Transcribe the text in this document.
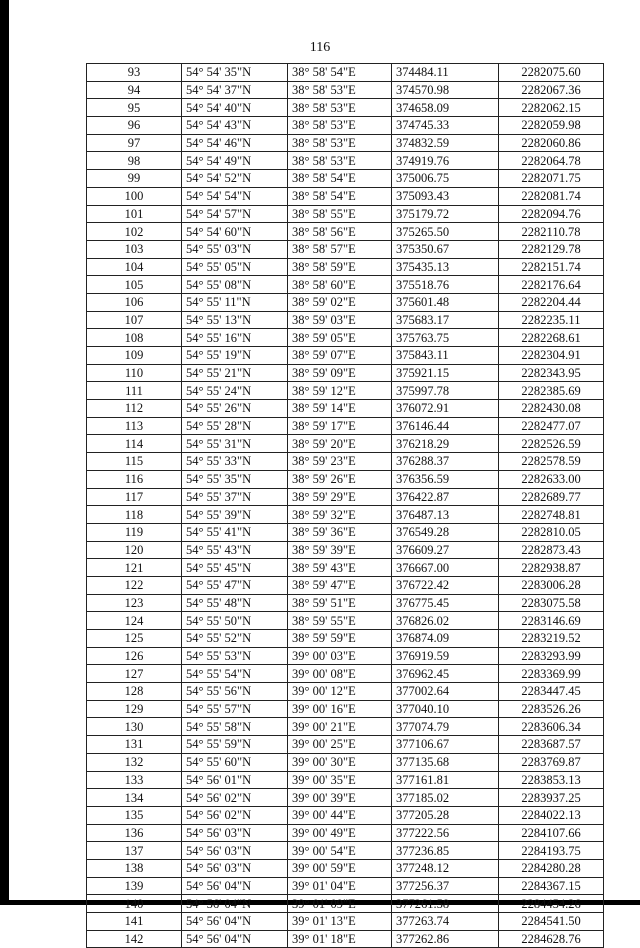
116
93	54° 54' 35"N	38° 58' 54"E	374484.11	2282075.60
94	54° 54' 37"N	38° 58' 53"E	374570.98	2282067.36
95	54° 54' 40"N	38° 58' 53"E	374658.09	2282062.15
96	54° 54' 43"N	38° 58' 53"E	374745.33	2282059.98
97	54° 54' 46"N	38° 58' 53"E	374832.59	2282060.86
98	54° 54' 49"N	38° 58' 53"E	374919.76	2282064.78
99	54° 54' 52"N	38° 58' 54"E	375006.75	2282071.75
100	54° 54' 54"N	38° 58' 54"E	375093.43	2282081.74
101	54° 54' 57"N	38° 58' 55"E	375179.72	2282094.76
102	54° 54' 60"N	38° 58' 56"E	375265.50	2282110.78
103	54° 55' 03"N	38° 58' 57"E	375350.67	2282129.78
104	54° 55' 05"N	38° 58' 59"E	375435.13	2282151.74
105	54° 55' 08"N	38° 58' 60"E	375518.76	2282176.64
106	54° 55' 11"N	38° 59' 02"E	375601.48	2282204.44
107	54° 55' 13"N	38° 59' 03"E	375683.17	2282235.11
108	54° 55' 16"N	38° 59' 05"E	375763.75	2282268.61
109	54° 55' 19"N	38° 59' 07"E	375843.11	2282304.91
110	54° 55' 21"N	38° 59' 09"E	375921.15	2282343.95
111	54° 55' 24"N	38° 59' 12"E	375997.78	2282385.69
112	54° 55' 26"N	38° 59' 14"E	376072.91	2282430.08
113	54° 55' 28"N	38° 59' 17"E	376146.44	2282477.07
114	54° 55' 31"N	38° 59' 20"E	376218.29	2282526.59
115	54° 55' 33"N	38° 59' 23"E	376288.37	2282578.59
116	54° 55' 35"N	38° 59' 26"E	376356.59	2282633.00
117	54° 55' 37"N	38° 59' 29"E	376422.87	2282689.77
118	54° 55' 39"N	38° 59' 32"E	376487.13	2282748.81
119	54° 55' 41"N	38° 59' 36"E	376549.28	2282810.05
120	54° 55' 43"N	38° 59' 39"E	376609.27	2282873.43
121	54° 55' 45"N	38° 59' 43"E	376667.00	2282938.87
122	54° 55' 47"N	38° 59' 47"E	376722.42	2283006.28
123	54° 55' 48"N	38° 59' 51"E	376775.45	2283075.58
124	54° 55' 50"N	38° 59' 55"E	376826.02	2283146.69
125	54° 55' 52"N	38° 59' 59"E	376874.09	2283219.52
126	54° 55' 53"N	39° 00' 03"E	376919.59	2283293.99
127	54° 55' 54"N	39° 00' 08"E	376962.45	2283369.99
128	54° 55' 56"N	39° 00' 12"E	377002.64	2283447.45
129	54° 55' 57"N	39° 00' 16"E	377040.10	2283526.26
130	54° 55' 58"N	39° 00' 21"E	377074.79	2283606.34
131	54° 55' 59"N	39° 00' 25"E	377106.67	2283687.57
132	54° 55' 60"N	39° 00' 30"E	377135.68	2283769.87
133	54° 56' 01"N	39° 00' 35"E	377161.81	2283853.13
134	54° 56' 02"N	39° 00' 39"E	377185.02	2283937.25
135	54° 56' 02"N	39° 00' 44"E	377205.28	2284022.13
136	54° 56' 03"N	39° 00' 49"E	377222.56	2284107.66
137	54° 56' 03"N	39° 00' 54"E	377236.85	2284193.75
138	54° 56' 03"N	39° 00' 59"E	377248.12	2284280.28
139	54° 56' 04"N	39° 01' 04"E	377256.37	2284367.15
140	54° 56' 04"N	39° 01' 09"E	377261.58	2284454.26
141	54° 56' 04"N	39° 01' 13"E	377263.74	2284541.50
142	54° 56' 04"N	39° 01' 18"E	377262.86	2284628.76
